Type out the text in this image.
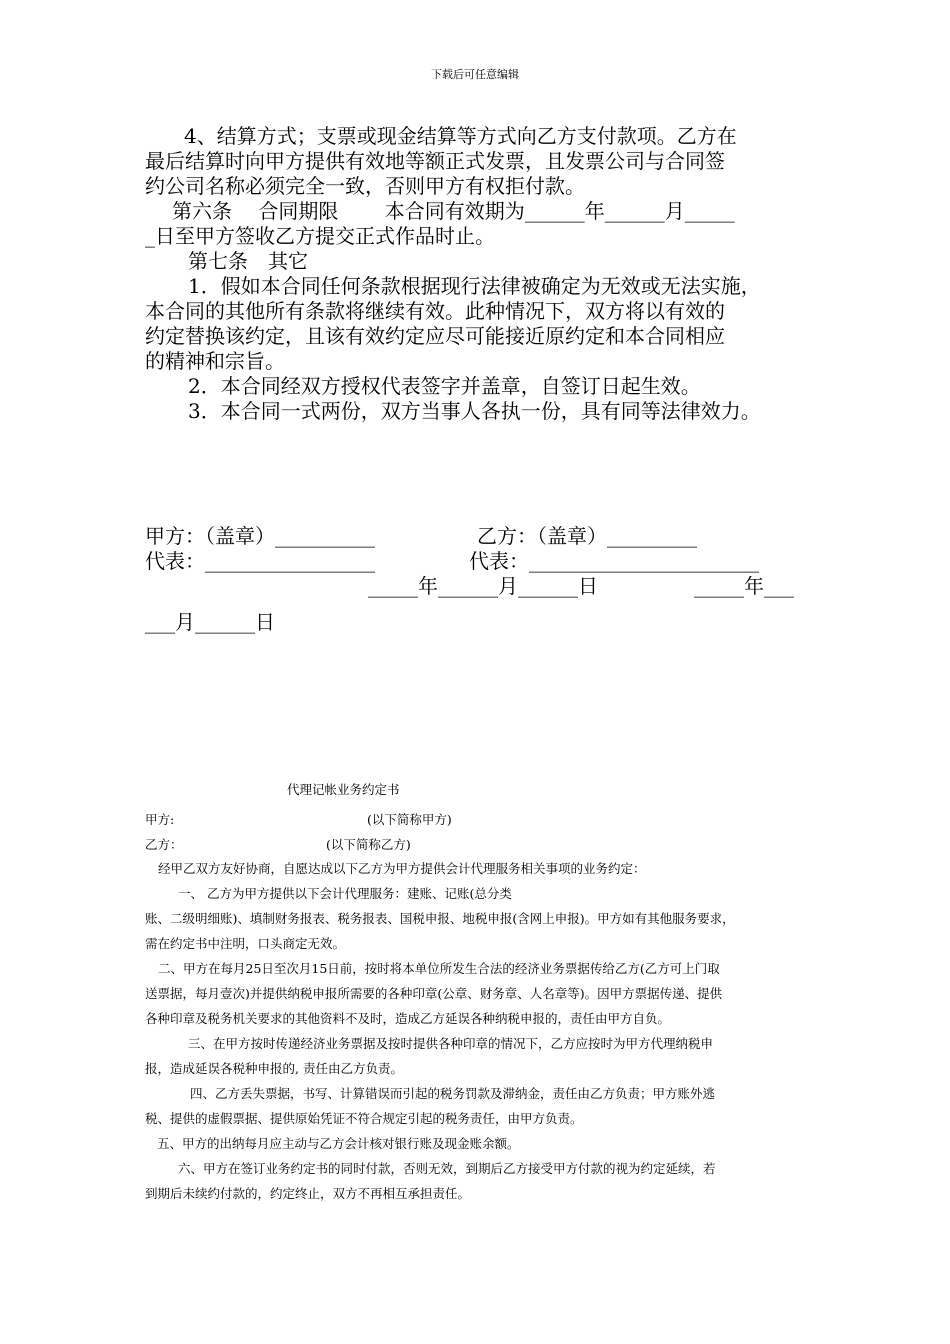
下载后可任意编辑
4、结算方式；支票或现金结算等方式向乙方支付款项。乙方在
最后结算时向甲方提供有效地等额正式发票，且发票公司与合同签
约公司名称必须完全一致，否则甲方有权拒付款。
第六条　 合同期限　　 本合同有效期为______年______月_____
_日至甲方签收乙方提交正式作品时止。
第七条　其它
1．假如本合同任何条款根据现行法律被确定为无效或无法实施，
本合同的其他所有条款将继续有效。此种情况下，双方将以有效的
约定替换该约定，且该有效约定应尽可能接近原约定和本合同相应
的精神和宗旨。
2．本合同经双方授权代表签字并盖章，自签订日起生效。
3．本合同一式两份，双方当事人各执一份，具有同等法律效力。
甲方：（盖章）__________	乙方：（盖章）_________
代表：_________________	代表：_______________________
_____年______月______日	_____年___
___月______日
代理记帐业务约定书
甲方:	(以下简称甲方)
乙方：	(以下简称乙方)
经甲乙双方友好协商，自愿达成以下乙方为甲方提供会计代理服务相关事项的业务约定：
一、 乙方为甲方提供以下会计代理服务：建账、记账(总分类
账、二级明细账)、填制财务报表、税务报表、国税申报、地税申报(含网上申报)。甲方如有其他服务要求，
需在约定书中注明，口头商定无效。
二、甲方在每月25日至次月15日前，按时将本单位所发生合法的经济业务票据传给乙方(乙方可上门取
送票据，每月壹次)并提供纳税申报所需要的各种印章(公章、财务章、人名章等)。因甲方票据传递、提供
各种印章及税务机关要求的其他资料不及时，造成乙方延误各种纳税申报的，责任由甲方自负。
三、在甲方按时传递经济业务票据及按时提供各种印章的情况下，乙方应按时为甲方代理纳税申
报，造成延误各税种申报的, 责任由乙方负责。
四、乙方丢失票据，书写、计算错误而引起的税务罚款及滞纳金，责任由乙方负责；甲方账外逃
税、提供的虚假票据、提供原始凭证不符合规定引起的税务责任，由甲方负责。
五、甲方的出纳每月应主动与乙方会计核对银行账及现金账余额。
六、甲方在签订业务约定书的同时付款，否则无效，到期后乙方接受甲方付款的视为约定延续，若
到期后未续约付款的，约定终止，双方不再相互承担责任。
